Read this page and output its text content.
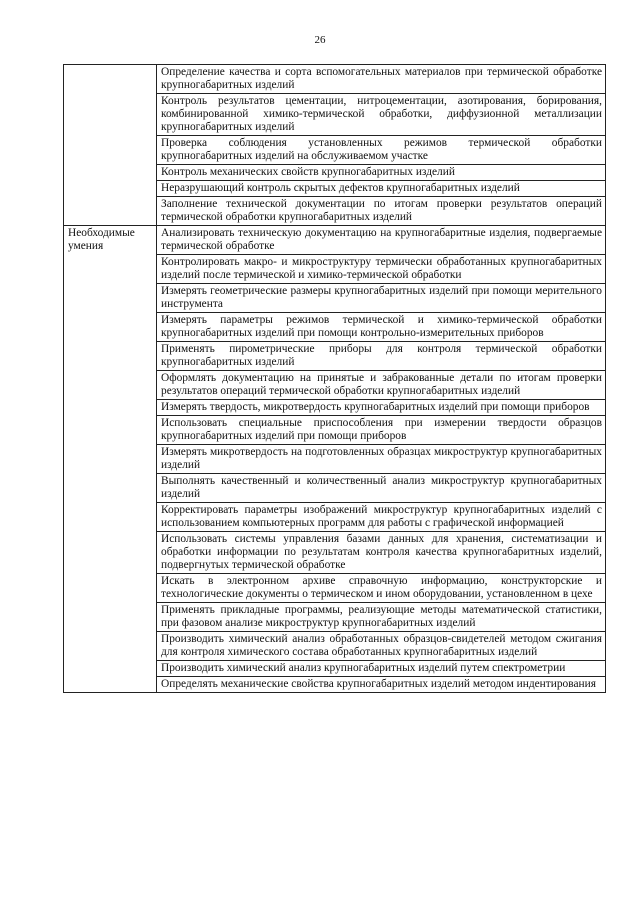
26

	Определение качества и сорта вспомогательных материалов при термической обработке крупногабаритных изделий

	Контроль результатов цементации, нитроцементации, азотирования, борирования, комбинированной химико-термической обработки, диффузионной металлизации крупногабаритных изделий

	Проверка соблюдения установленных режимов термической обработки крупногабаритных изделий на обслуживаемом участке

	Контроль механических свойств крупногабаритных изделий

	Неразрушающий контроль скрытых дефектов крупногабаритных изделий

	Заполнение технической документации по итогам проверки результатов операций термической обработки крупногабаритных изделий

Необходимые умения	Анализировать техническую документацию на крупногабаритные изделия, подвергаемые термической обработке

	Контролировать макро- и микроструктуру термически обработанных крупногабаритных изделий после термической и химико-термической обработки

	Измерять геометрические размеры крупногабаритных изделий при помощи мерительного инструмента

	Измерять параметры режимов термической и химико-термической обработки крупногабаритных изделий при помощи контрольно-измерительных приборов

	Применять пирометрические приборы для контроля термической обработки крупногабаритных изделий

	Оформлять документацию на принятые и забракованные детали по итогам проверки результатов операций термической обработки крупногабаритных изделий

	Измерять твердость, микротвердость крупногабаритных изделий при помощи приборов

	Использовать специальные приспособления при измерении твердости образцов крупногабаритных изделий при помощи приборов

	Измерять микротвердость на подготовленных образцах микроструктур крупногабаритных изделий

	Выполнять качественный и количественный анализ микроструктур крупногабаритных изделий

	Корректировать параметры изображений микроструктур крупногабаритных изделий с использованием компьютерных программ для работы с графической информацией

	Использовать системы управления базами данных для хранения, систематизации и обработки информации по результатам контроля качества крупногабаритных изделий, подвергнутых термической обработке

	Искать в электронном архиве справочную информацию, конструкторские и технологические документы о термическом и ином оборудовании, установленном в цехе

	Применять прикладные программы, реализующие методы математической статистики, при фазовом анализе микроструктур крупногабаритных изделий

	Производить химический анализ обработанных образцов-свидетелей методом сжигания для контроля химического состава обработанных крупногабаритных изделий

	Производить химический анализ крупногабаритных изделий путем спектрометрии

	Определять механические свойства крупногабаритных изделий методом индентирования
